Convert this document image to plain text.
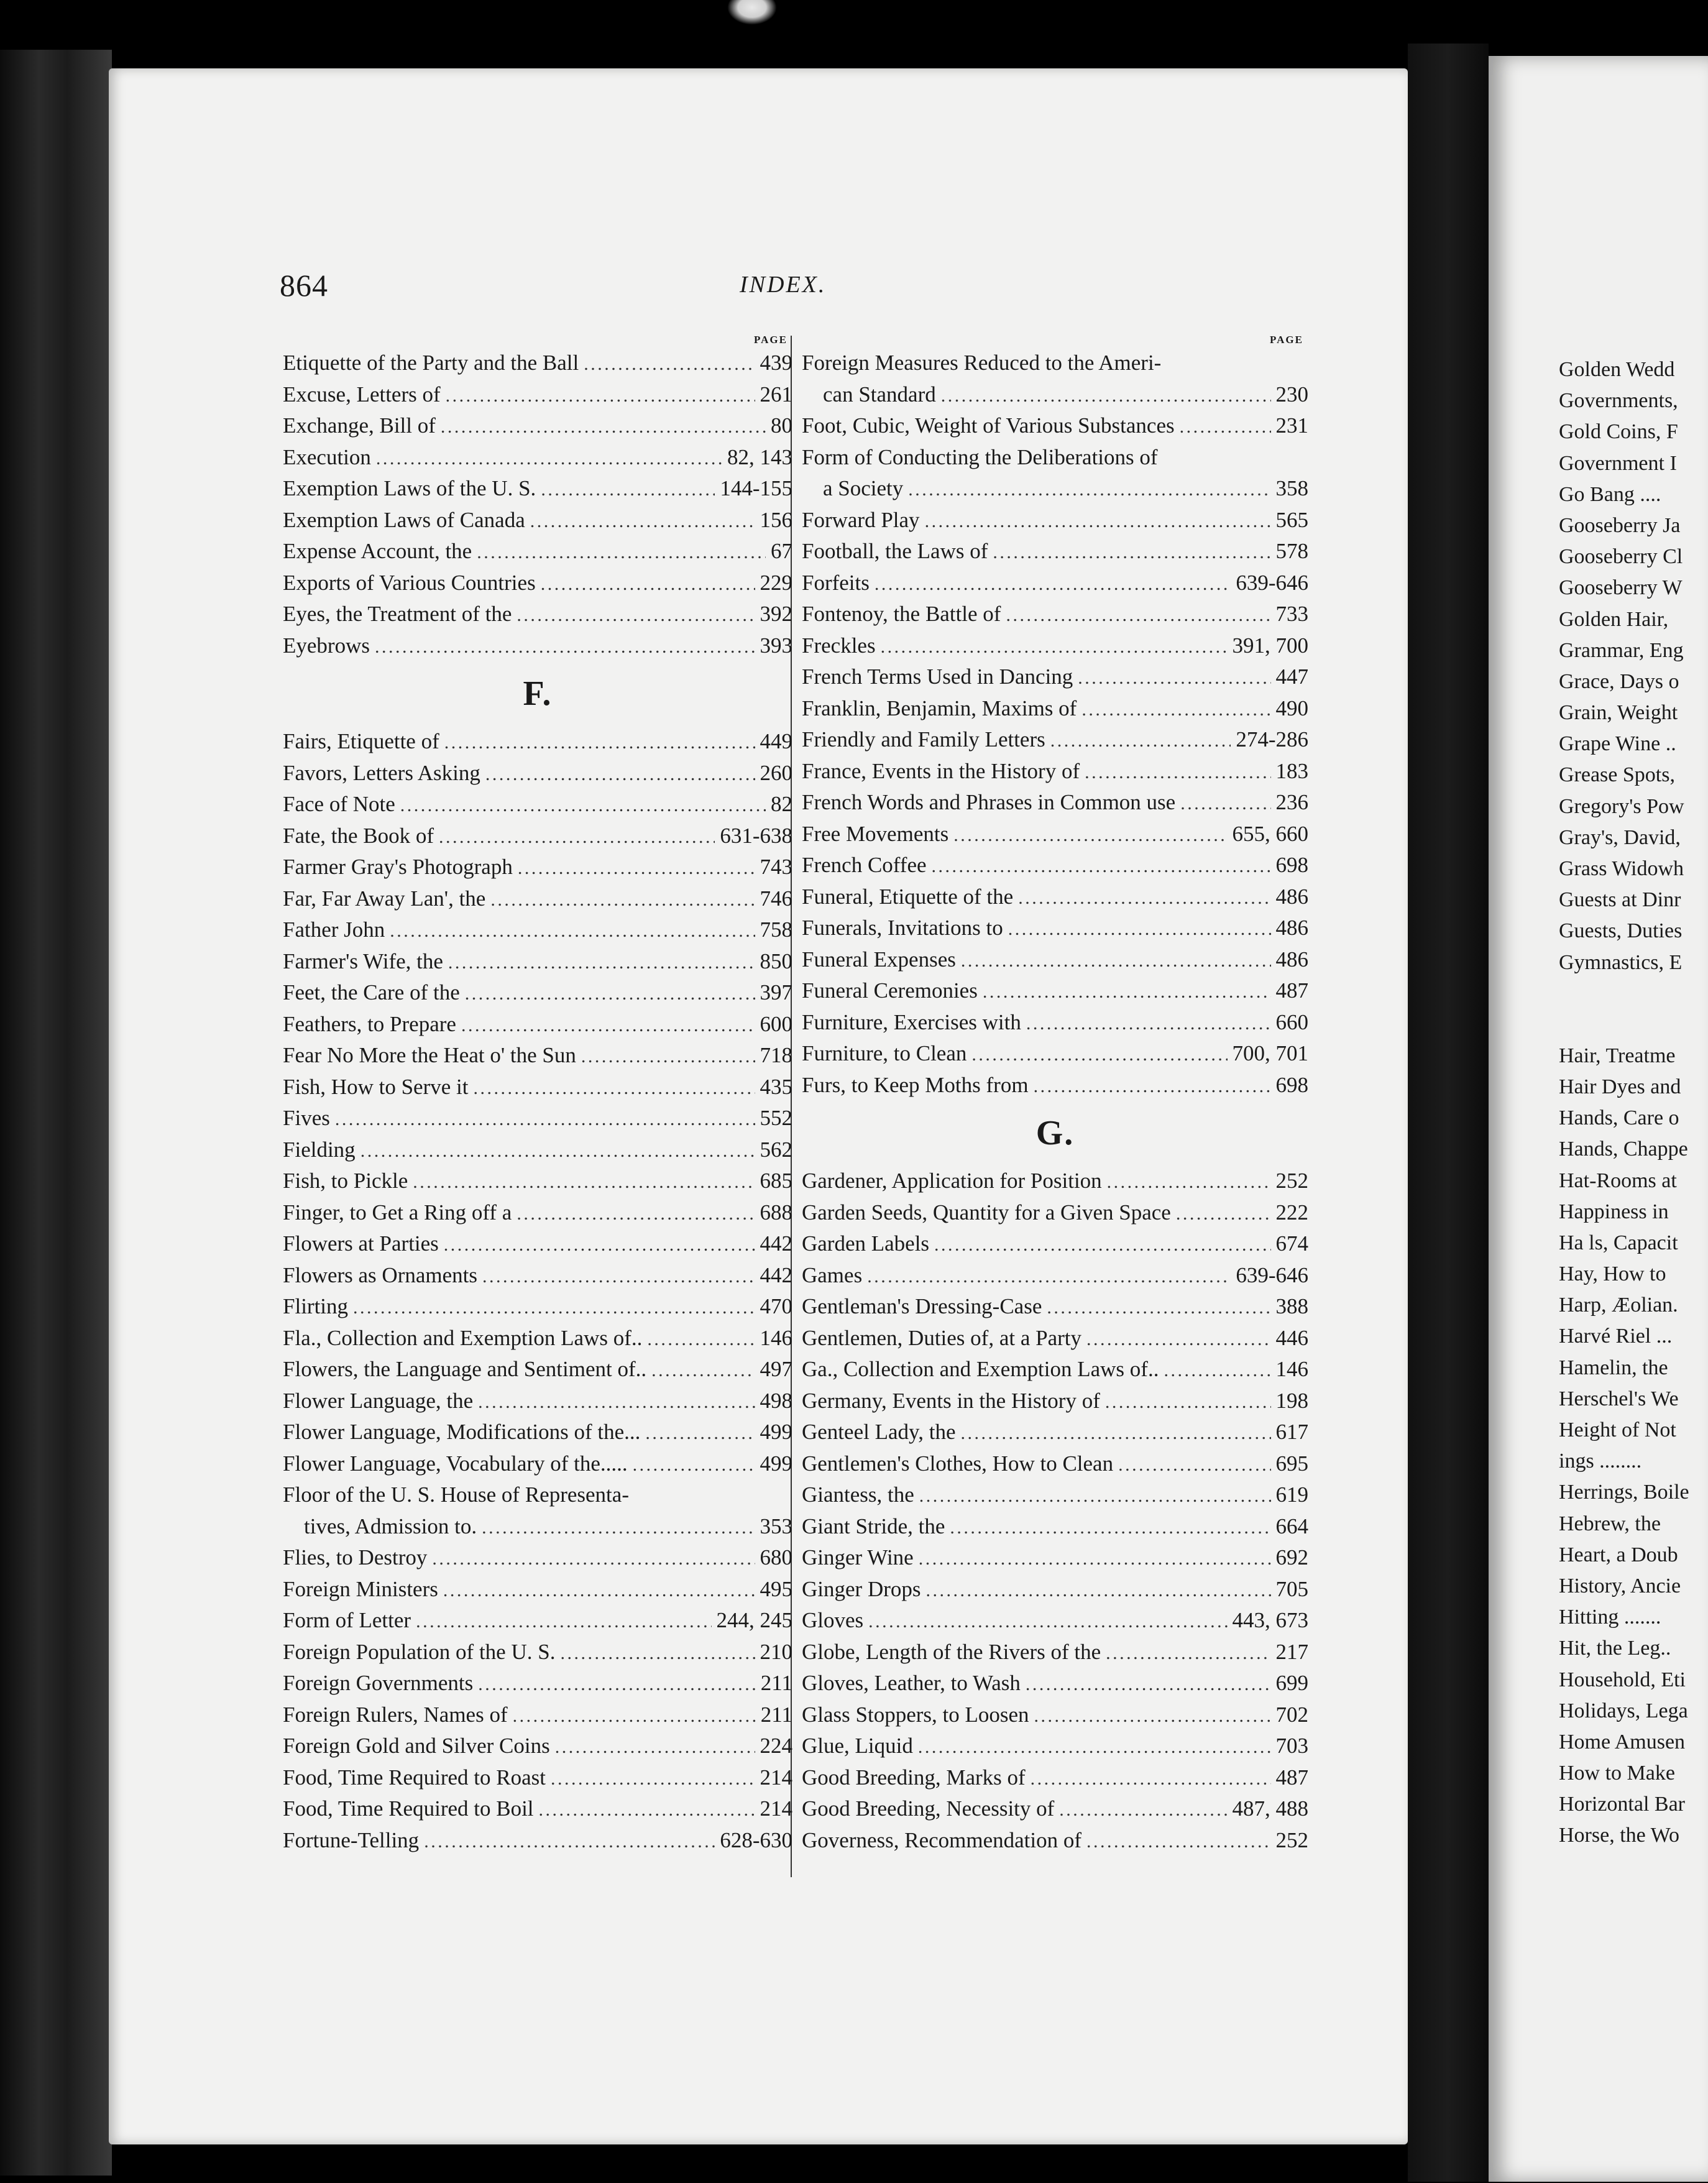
864	INDEX.
PAGE
Etiquette of the Party and the Ball . . .	439
Excuse, Letters of . . .	261
Exchange, Bill of . . .	80
Execution . . .	82, 143
Exemption Laws of the U. S. . . .	144-155
Exemption Laws of Canada . . .	156
Expense Account, the . . .	67
Exports of Various Countries . . .	229
Eyes, the Treatment of the . . .	392
Eyebrows . . .	393
F.
Fairs, Etiquette of . . .	449
Favors, Letters Asking . . .	260
Face of Note . . .	82
Fate, the Book of . . .	631-638
Farmer Gray's Photograph . . .	743
Far, Far Away Lan', the . . .	746
Father John . . .	758
Farmer's Wife, the . . .	850
Feet, the Care of the . . .	397
Feathers, to Prepare . . .	600
Fear No More the Heat o' the Sun . . .	718
Fish, How to Serve it . . .	435
Fives . . .	552
Fielding . . .	562
Fish, to Pickle . . .	685
Finger, to Get a Ring off a . . .	688
Flowers at Parties . . .	442
Flowers as Ornaments . . .	442
Flirting . . .	470
Fla., Collection and Exemption Laws of.. . . .	146
Flowers, the Language and Sentiment of.. . . .	497
Flower Language, the . . .	498
Flower Language, Modifications of the... . . .	499
Flower Language, Vocabulary of the..... . . .	499
Floor of the U. S. House of Representa-
tives, Admission to. . . .	353
Flies, to Destroy . . .	680
Foreign Ministers . . .	495
Form of Letter . . .	244, 245
Foreign Population of the U. S. . . .	210
Foreign Governments . . .	211
Foreign Rulers, Names of . . .	211
Foreign Gold and Silver Coins . . .	224
Food, Time Required to Roast . . .	214
Food, Time Required to Boil . . .	214
Fortune-Telling . . .	628-630
PAGE
Foreign Measures Reduced to the Ameri-
can Standard . . .	230
Foot, Cubic, Weight of Various Substances . . .	231
Form of Conducting the Deliberations of
a Society . . .	358
Forward Play . . .	565
Football, the Laws of . . .	578
Forfeits . . .	639-646
Fontenoy, the Battle of . . .	733
Freckles . . .	391, 700
French Terms Used in Dancing . . .	447
Franklin, Benjamin, Maxims of . . .	490
Friendly and Family Letters . . .	274-286
France, Events in the History of . . .	183
French Words and Phrases in Common use . . .	236
Free Movements . . .	655, 660
French Coffee . . .	698
Funeral, Etiquette of the . . .	486
Funerals, Invitations to . . .	486
Funeral Expenses . . .	486
Funeral Ceremonies . . .	487
Furniture, Exercises with . . .	660
Furniture, to Clean . . .	700, 701
Furs, to Keep Moths from . . .	698
G.
Gardener, Application for Position . . .	252
Garden Seeds, Quantity for a Given Space . . .	222
Garden Labels . . .	674
Games . . .	639-646
Gentleman's Dressing-Case . . .	388
Gentlemen, Duties of, at a Party . . .	446
Ga., Collection and Exemption Laws of.. . . .	146
Germany, Events in the History of . . .	198
Genteel Lady, the . . .	617
Gentlemen's Clothes, How to Clean . . .	695
Giantess, the . . .	619
Giant Stride, the . . .	664
Ginger Wine . . .	692
Ginger Drops . . .	705
Gloves . . .	443, 673
Globe, Length of the Rivers of the . . .	217
Gloves, Leather, to Wash . . .	699
Glass Stoppers, to Loosen . . .	702
Glue, Liquid . . .	703
Good Breeding, Marks of . . .	487
Good Breeding, Necessity of . . .	487, 488
Governess, Recommendation of . . .	252
Golden Wedd
Governments,
Gold Coins, F
Government I
Go Bang ....
Gooseberry Ja
Gooseberry Cl
Gooseberry W
Golden Hair,
Grammar, Eng
Grace, Days o
Grain, Weight
Grape Wine ..
Grease Spots,
Gregory's Pow
Gray's, David,
Grass Widowh
Guests at Dinr
Guests, Duties
Gymnastics, E
Hair, Treatme
Hair Dyes and
Hands, Care o
Hands, Chappe
Hat-Rooms at
Happiness in
Ha ls, Capacit
Hay, How to
Harp, Æolian.
Harvé Riel ...
Hamelin, the
Herschel's We
Height of Not
ings ........
Herrings, Boile
Hebrew, the
Heart, a Doub
History, Ancie
Hitting .......
Hit, the Leg..
Household, Eti
Holidays, Lega
Home Amusen
How to Make
Horizontal Bar
Horse, the Wo
